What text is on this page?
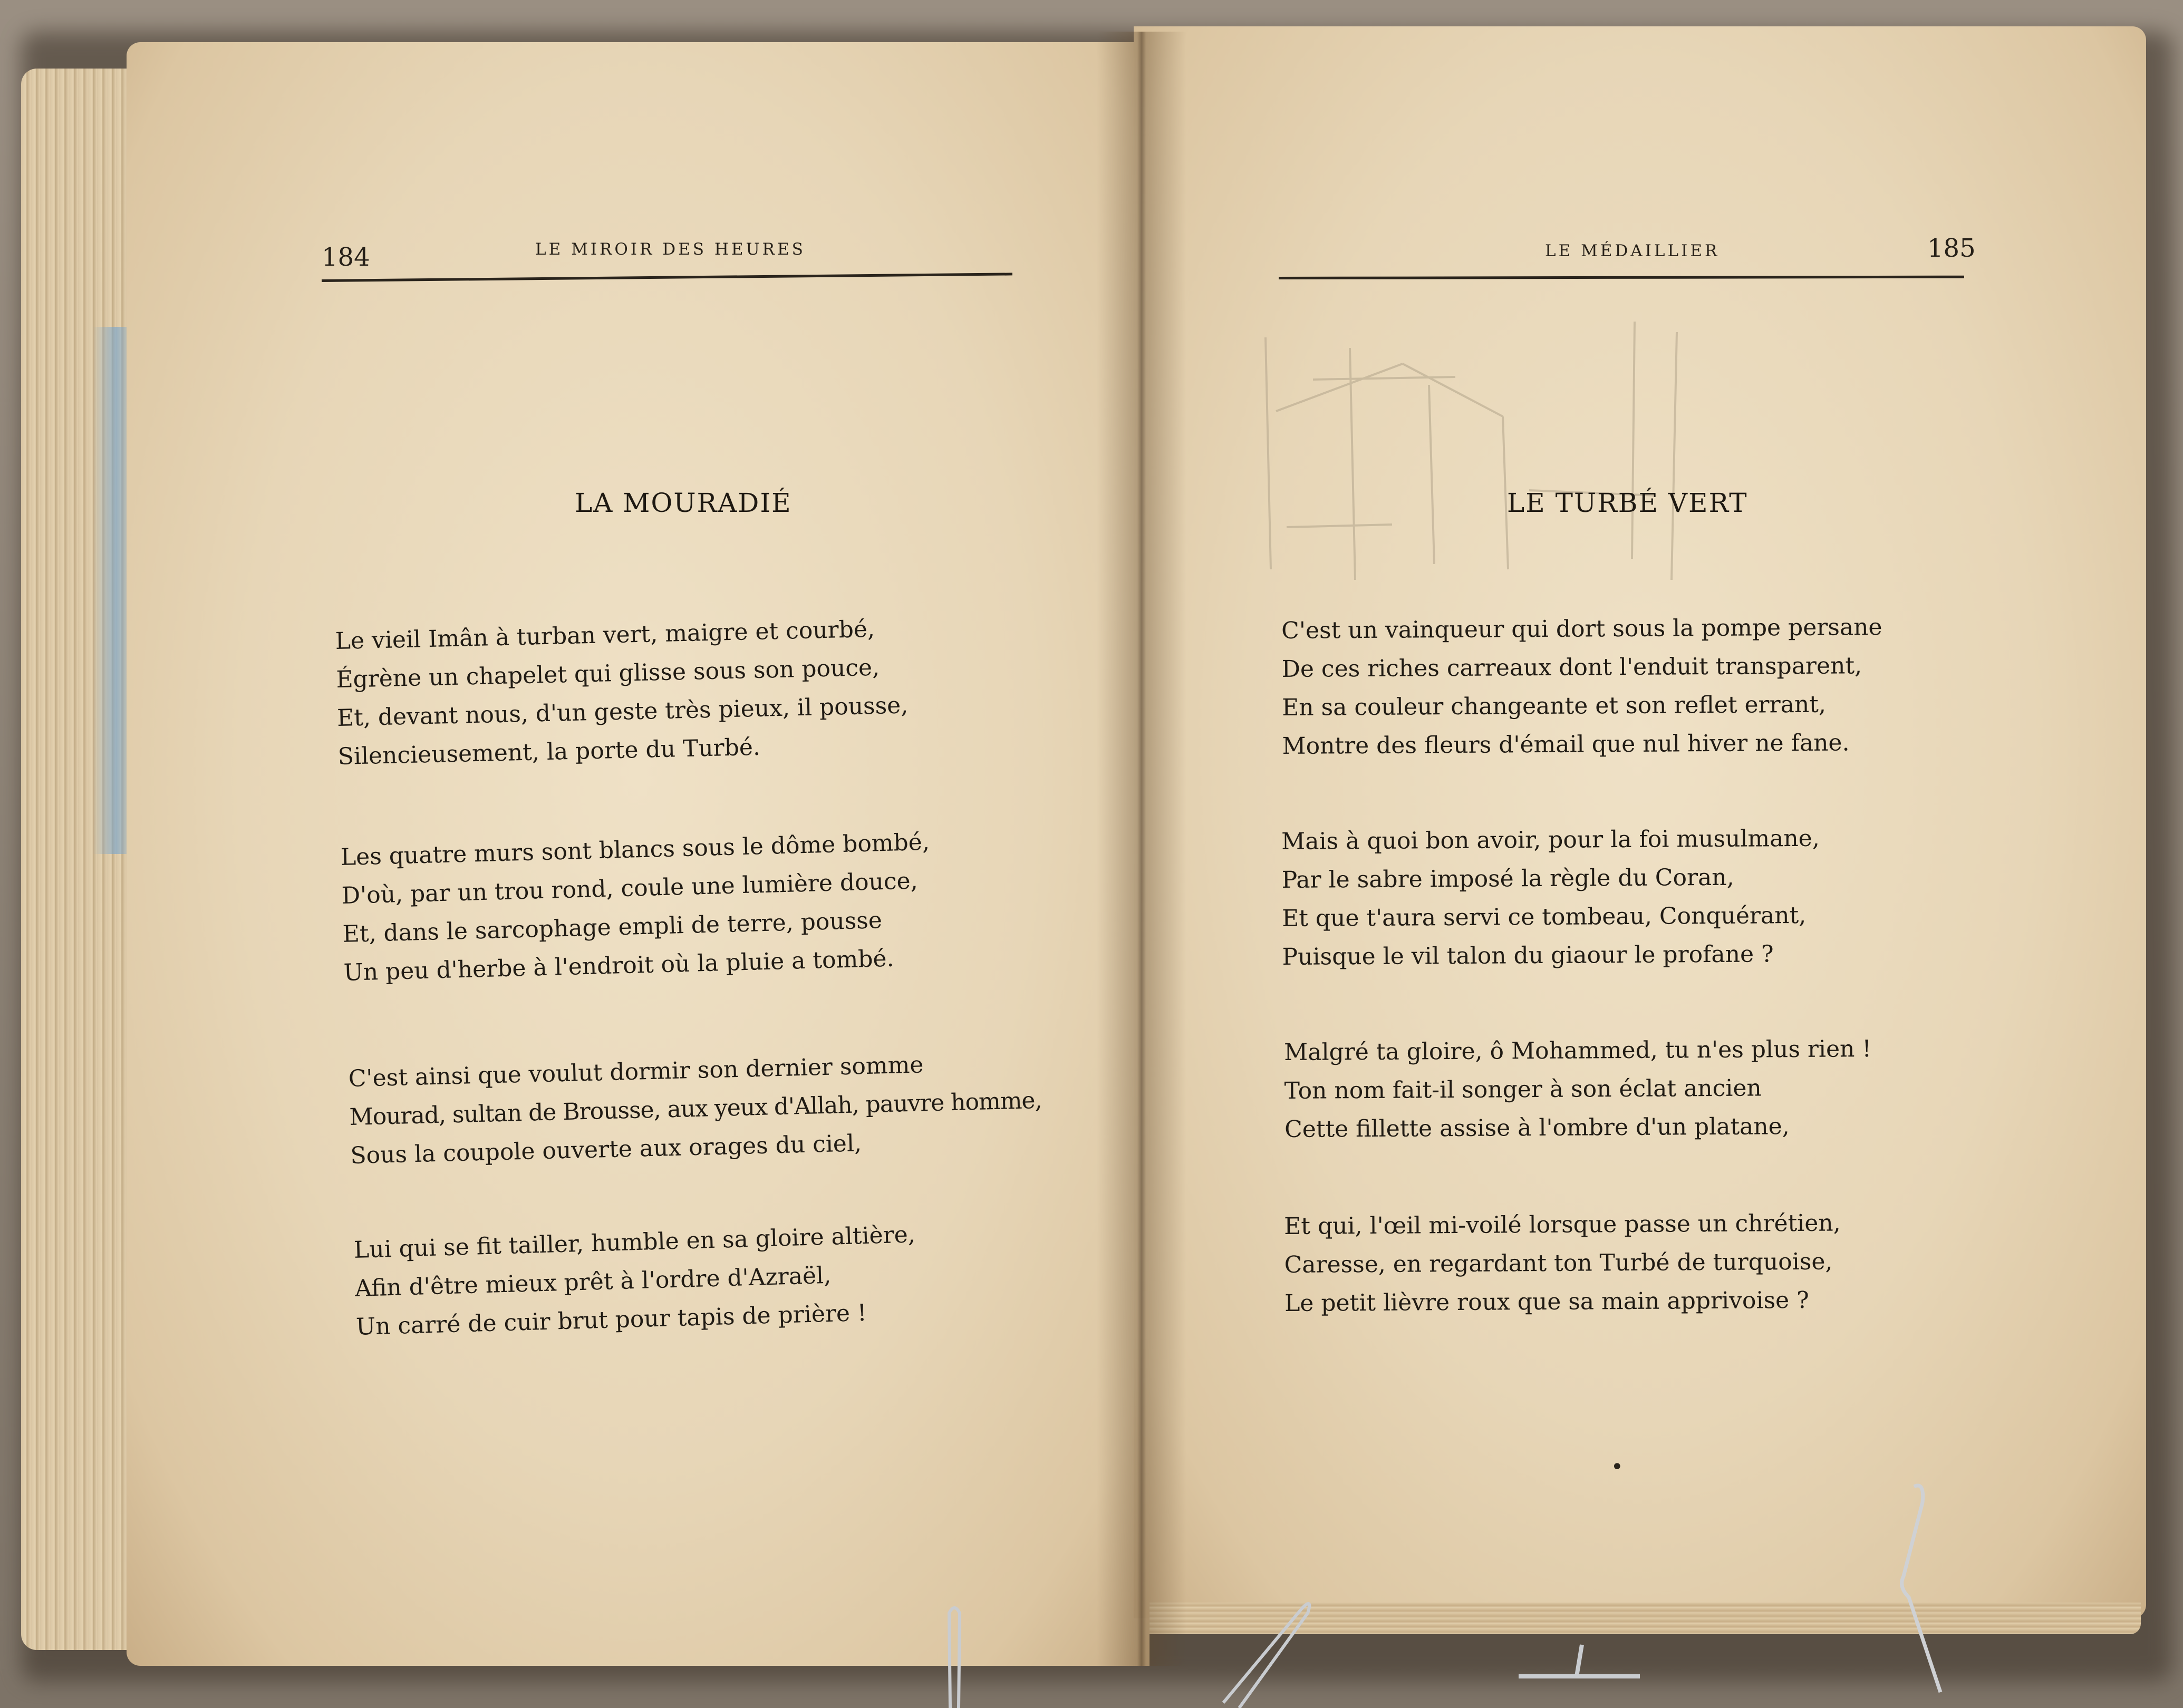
184	LE MIROIR DES HEURES	LE MÉDAILLIER	185
LA MOURADIÉ
Le vieil Imân à turban vert, maigre et courbé,
Égrène un chapelet qui glisse sous son pouce,
Et, devant nous, d'un geste très pieux, il pousse,
Silencieusement, la porte du Turbé.
Les quatre murs sont blancs sous le dôme bombé,
D'où, par un trou rond, coule une lumière douce,
Et, dans le sarcophage empli de terre, pousse
Un peu d'herbe à l'endroit où la pluie a tombé.
C'est ainsi que voulut dormir son dernier somme
Mourad, sultan de Brousse, aux yeux d'Allah, pauvre homme,
Sous la coupole ouverte aux orages du ciel,
Lui qui se fit tailler, humble en sa gloire altière,
Afin d'être mieux prêt à l'ordre d'Azraël,
Un carré de cuir brut pour tapis de prière !
LE TURBÉ VERT
C'est un vainqueur qui dort sous la pompe persane
De ces riches carreaux dont l'enduit transparent,
En sa couleur changeante et son reflet errant,
Montre des fleurs d'émail que nul hiver ne fane.
Mais à quoi bon avoir, pour la foi musulmane,
Par le sabre imposé la règle du Coran,
Et que t'aura servi ce tombeau, Conquérant,
Puisque le vil talon du giaour le profane ?
Malgré ta gloire, ô Mohammed, tu n'es plus rien !
Ton nom fait-il songer à son éclat ancien
Cette fillette assise à l'ombre d'un platane,
Et qui, l'œil mi-voilé lorsque passe un chrétien,
Caresse, en regardant ton Turbé de turquoise,
Le petit lièvre roux que sa main apprivoise ?
•
